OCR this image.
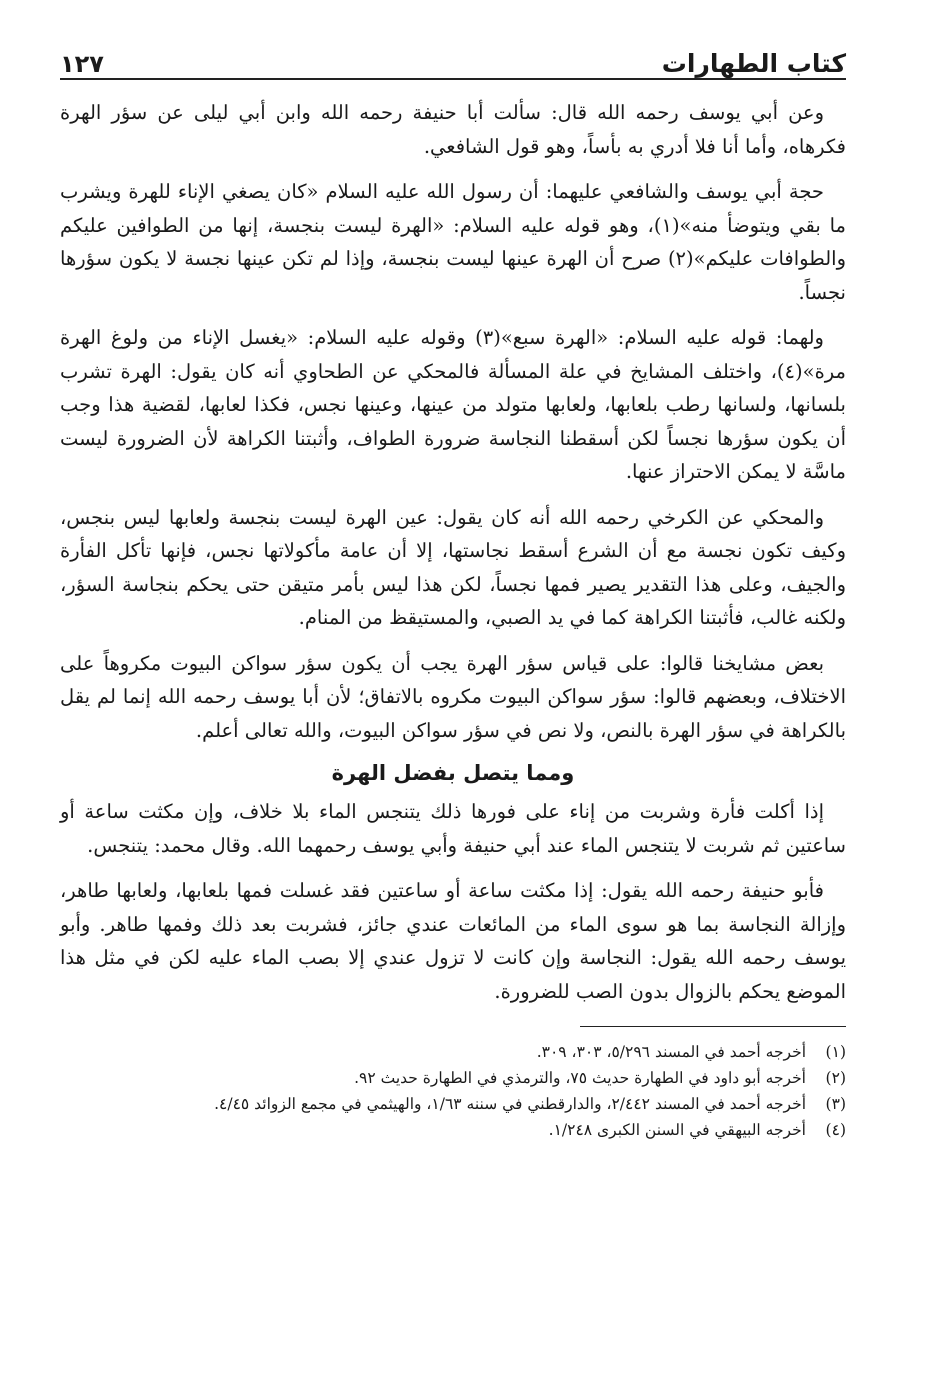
كتاب الطهارات
١٢٧

وعن أبي يوسف رحمه الله قال: سألت أبا حنيفة رحمه الله وابن أبي ليلى عن سؤر الهرة فكرهاه، وأما أنا فلا أدري به بأساً، وهو قول الشافعي.

حجة أبي يوسف والشافعي عليهما: أن رسول الله عليه السلام «كان يصغي الإناء للهرة ويشرب ما بقي ويتوضأ منه»(١)، وهو قوله عليه السلام: «الهرة ليست بنجسة، إنها من الطوافين عليكم والطوافات عليكم»(٢) صرح أن الهرة عينها ليست بنجسة، وإذا لم تكن عينها نجسة لا يكون سؤرها نجساً.

ولهما: قوله عليه السلام: «الهرة سبع»(٣) وقوله عليه السلام: «يغسل الإناء من ولوغ الهرة مرة»(٤)، واختلف المشايخ في علة المسألة فالمحكي عن الطحاوي أنه كان يقول: الهرة تشرب بلسانها، ولسانها رطب بلعابها، ولعابها متولد من عينها، وعينها نجس، فكذا لعابها، لقضية هذا وجب أن يكون سؤرها نجساً لكن أسقطنا النجاسة ضرورة الطواف، وأثبتنا الكراهة لأن الضرورة ليست ماسَّة لا يمكن الاحتراز عنها.

والمحكي عن الكرخي رحمه الله أنه كان يقول: عين الهرة ليست بنجسة ولعابها ليس بنجس، وكيف تكون نجسة مع أن الشرع أسقط نجاستها، إلا أن عامة مأكولاتها نجس، فإنها تأكل الفأرة والجيف، وعلى هذا التقدير يصير فمها نجساً، لكن هذا ليس بأمر متيقن حتى يحكم بنجاسة السؤر، ولكنه غالب، فأثبتنا الكراهة كما في يد الصبي، والمستيقظ من المنام.

بعض مشايخنا قالوا: على قياس سؤر الهرة يجب أن يكون سؤر سواكن البيوت مكروهاً على الاختلاف، وبعضهم قالوا: سؤر سواكن البيوت مكروه بالاتفاق؛ لأن أبا يوسف رحمه الله إنما لم يقل بالكراهة في سؤر الهرة بالنص، ولا نص في سؤر سواكن البيوت، والله تعالى أعلم.

ومما يتصل بفضل الهرة

إذا أكلت فأرة وشربت من إناء على فورها ذلك يتنجس الماء بلا خلاف، وإن مكثت ساعة أو ساعتين ثم شربت لا يتنجس الماء عند أبي حنيفة وأبي يوسف رحمهما الله. وقال محمد: يتنجس.

فأبو حنيفة رحمه الله يقول: إذا مكثت ساعة أو ساعتين فقد غسلت فمها بلعابها، ولعابها طاهر، وإزالة النجاسة بما هو سوى الماء من المائعات عندي جائز، فشربت بعد ذلك وفمها طاهر. وأبو يوسف رحمه الله يقول: النجاسة وإن كانت لا تزول عندي إلا بصب الماء عليه لكن في مثل هذا الموضع يحكم بالزوال بدون الصب للضرورة.

(١)
أخرجه أحمد في المسند ٥/٢٩٦، ٣٠٣، ٣٠٩.
(٢)
أخرجه أبو داود في الطهارة حديث ٧٥، والترمذي في الطهارة حديث ٩٢.
(٣)
أخرجه أحمد في المسند ٢/٤٤٢، والدارقطني في سننه ١/٦٣، والهيثمي في مجمع الزوائد ٤/٤٥.
(٤)
أخرجه البيهقي في السنن الكبرى ١/٢٤٨.
